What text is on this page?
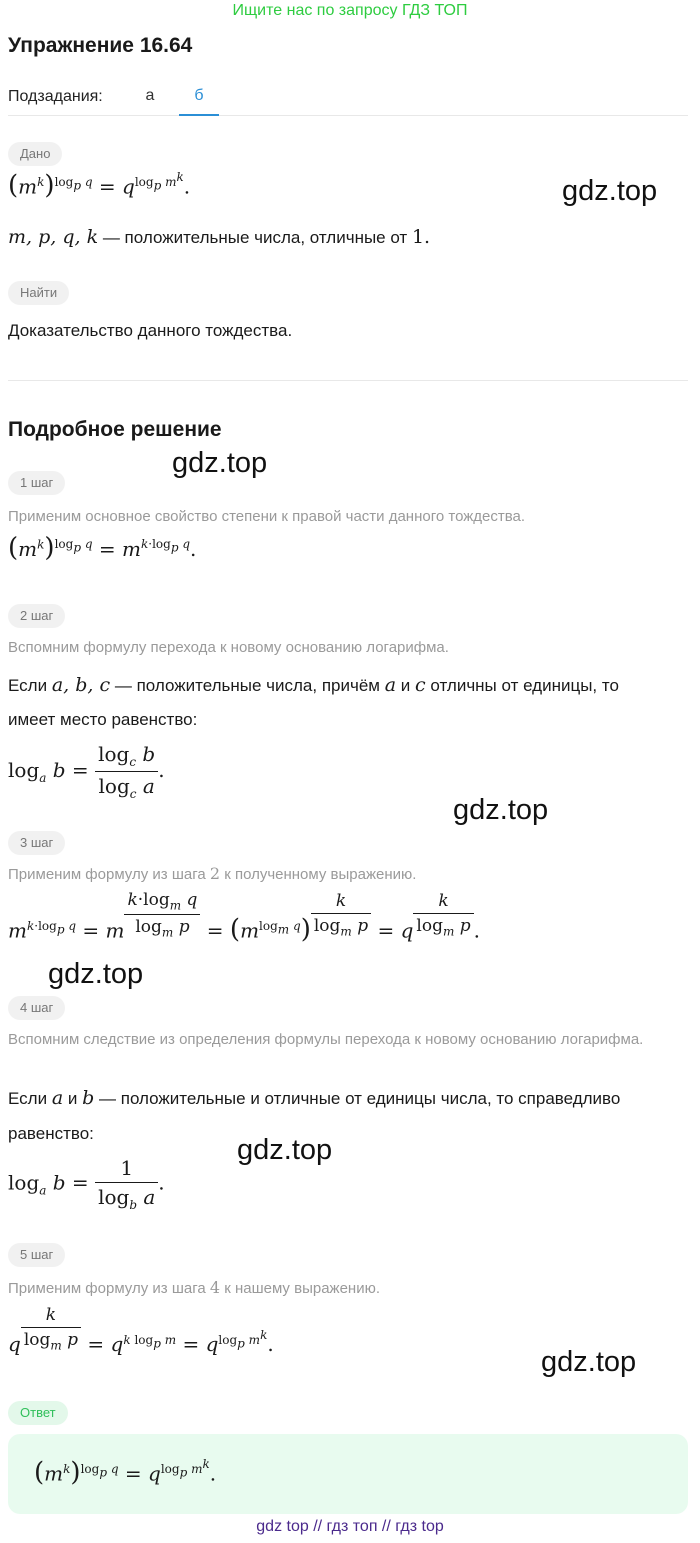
Ищите нас по запросу ГДЗ ТОП
Упражнение 16.64
Подзадания:	а	б
Дано
$(m^k)^{log_p q} = q^{log_p m^k}$.
m, p, q, k — положительные числа, отличные от 1.
Найти
Доказательство данного тождества.
Подробное решение
1 шаг
Применим основное свойство степени к правой части данного тождества.
$(m^k)^{log_p q} = m^{k\cdot log_p q}$.
2 шаг
Вспомним формулу перехода к новому основанию логарифма.
Если a, b, c — положительные числа, причём a и c отличны от единицы, то
имеет место равенство:
$\log_a b = \frac{\log_c b}{\log_c a}$ .
3 шаг
Применим формулу из шага 2 к полученному выражению.
$m^{k\cdot log_p q} = m \frac{k\cdot\log_m q}{\log_m p} = (m^{log_m q}) \frac{k}{\log_m p} = q \frac{k}{\log_m p}$ .
4 шаг
Вспомним следствие из определения формулы перехода к новому основанию логарифма.
Если a и b — положительные и отличные от единицы числа, то справедливо
равенство:
$\log_a b = \frac{1}{\log_b a}$ .
5 шаг
Применим формулу из шага 4 к нашему выражению.
q $\frac{k}{\log_m p} = q^{k log_p m} = q^{log_p m^k}$.
Ответ
$(m^k)^{log_p q} = q^{log_p m^k}$.
gdz.top
gdz.top
gdz.top
gdz.top
gdz.top
gdz.top
gdz top // гдз топ // гдз top
